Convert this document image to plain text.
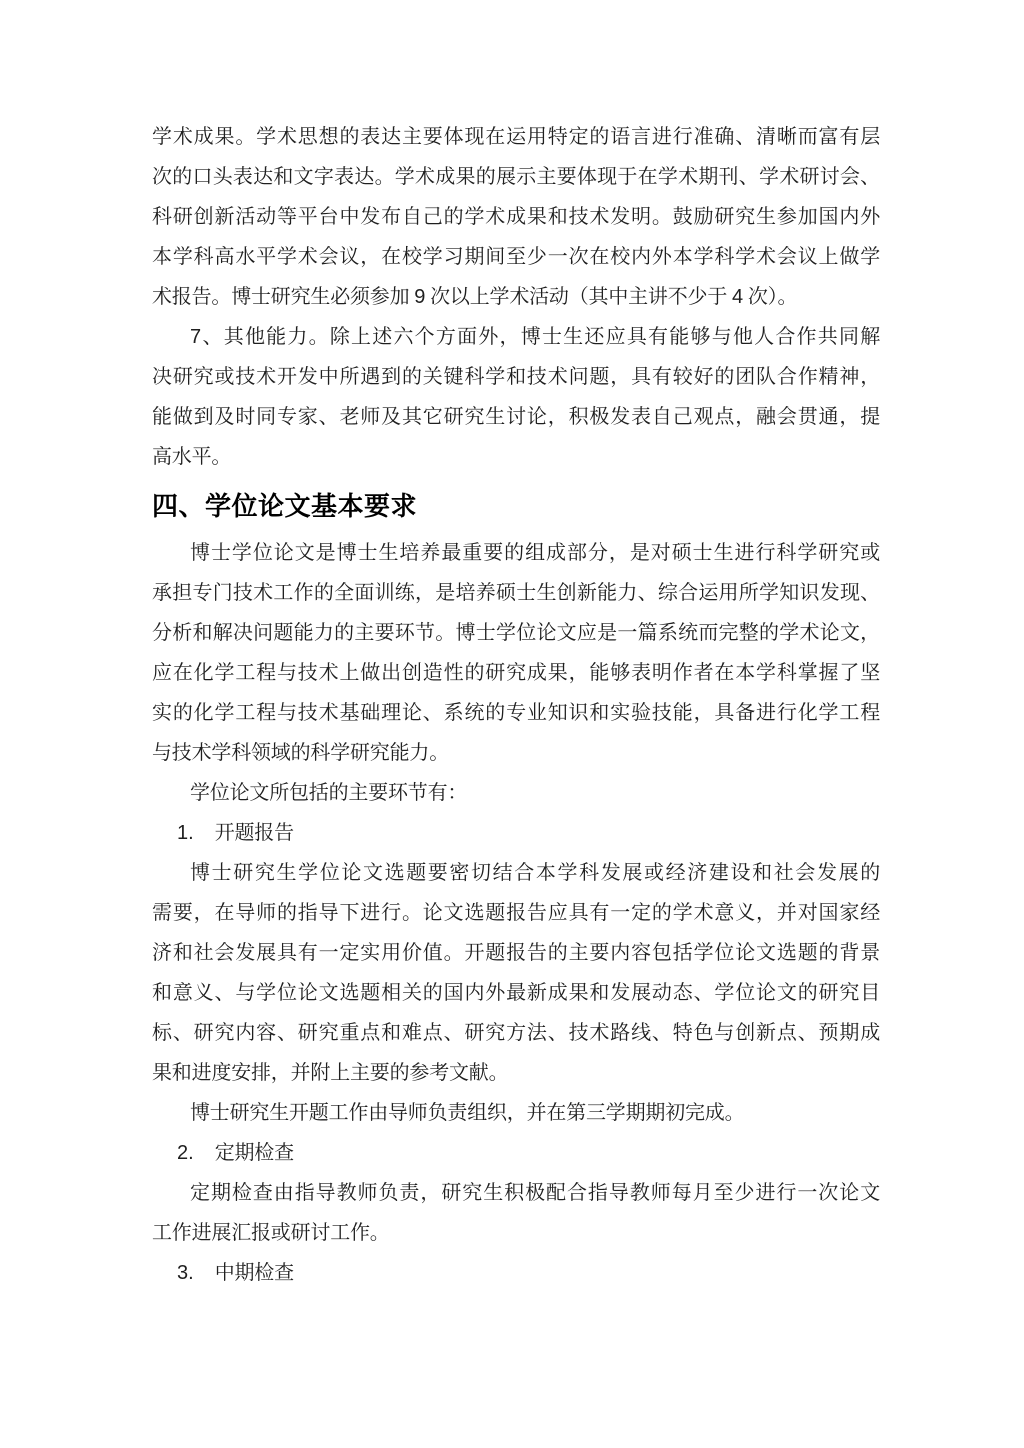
学术成果。学术思想的表达主要体现在运用特定的语言进行准确、清晰而富有层
次的口头表达和文字表达。学术成果的展示主要体现于在学术期刊、学术研讨会、
科研创新活动等平台中发布自己的学术成果和技术发明。鼓励研究生参加国内外
本学科高水平学术会议，在校学习期间至少一次在校内外本学科学术会议上做学
术报告。博士研究生必须参加 9 次以上学术活动（其中主讲不少于 4 次）。
7、其他能力。除上述六个方面外，博士生还应具有能够与他人合作共同解
决研究或技术开发中所遇到的关键科学和技术问题，具有较好的团队合作精神，
能做到及时同专家、老师及其它研究生讨论，积极发表自己观点，融会贯通，提
高水平。
四、学位论文基本要求
博士学位论文是博士生培养最重要的组成部分，是对硕士生进行科学研究或
承担专门技术工作的全面训练，是培养硕士生创新能力、综合运用所学知识发现、
分析和解决问题能力的主要环节。博士学位论文应是一篇系统而完整的学术论文，
应在化学工程与技术上做出创造性的研究成果，能够表明作者在本学科掌握了坚
实的化学工程与技术基础理论、系统的专业知识和实验技能，具备进行化学工程
与技术学科领域的科学研究能力。
学位论文所包括的主要环节有：
1. 开题报告
博士研究生学位论文选题要密切结合本学科发展或经济建设和社会发展的
需要，在导师的指导下进行。论文选题报告应具有一定的学术意义，并对国家经
济和社会发展具有一定实用价值。开题报告的主要内容包括学位论文选题的背景
和意义、与学位论文选题相关的国内外最新成果和发展动态、学位论文的研究目
标、研究内容、研究重点和难点、研究方法、技术路线、特色与创新点、预期成
果和进度安排，并附上主要的参考文献。
博士研究生开题工作由导师负责组织，并在第三学期期初完成。
2. 定期检查
定期检查由指导教师负责，研究生积极配合指导教师每月至少进行一次论文
工作进展汇报或研讨工作。
3. 中期检查
